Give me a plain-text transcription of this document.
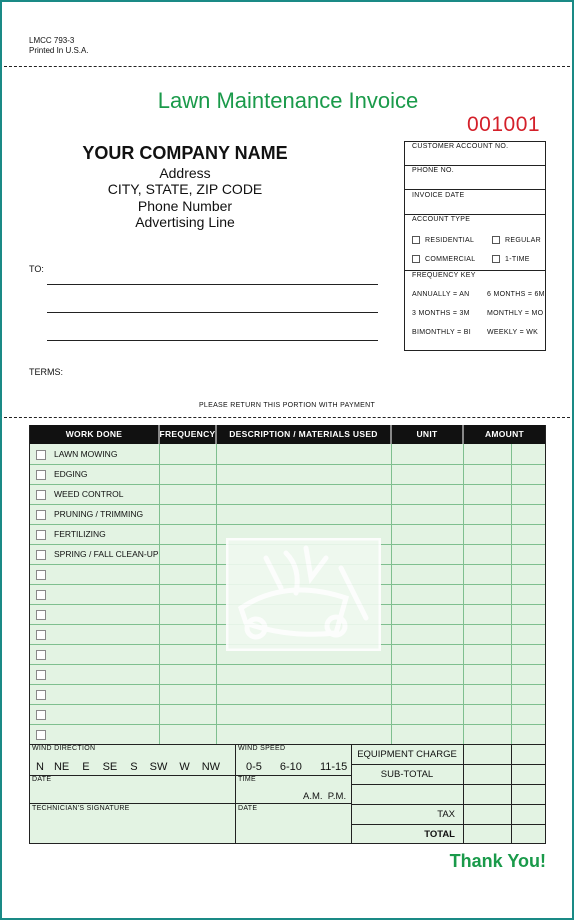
LMCC 793-3
Printed In U.S.A.
Lawn Maintenance Invoice
001001
YOUR COMPANY NAME
Address
CITY, STATE, ZIP CODE
Phone Number
Advertising Line
TO:
TERMS:
CUSTOMER ACCOUNT NO.
PHONE NO.
INVOICE DATE
ACCOUNT TYPE
RESIDENTIAL	REGULAR
COMMERCIAL	1-TIME
FREQUENCY KEY
ANNUALLY = AN 6 MONTHS = 6M
3 MONTHS = 3M MONTHLY = MO
BIMONTHLY = BI WEEKLY = WK
PLEASE RETURN THIS PORTION WITH PAYMENT
WORK DONE	FREQUENCY	DESCRIPTION / MATERIALS USED	UNIT	AMOUNT
LAWN MOWING
EDGING
WEED CONTROL
PRUNING / TRIMMING
FERTILIZING
SPRING / FALL CLEAN-UP
WIND DIRECTION
N NE E SE S SW W NW
WIND SPEED
0-5 6-10 11-15
DATE	TIME
A.M.  P.M.
TECHNICIAN'S SIGNATURE	DATE
EQUIPMENT CHARGE
SUB-TOTAL
TAX
TOTAL
Thank You!
